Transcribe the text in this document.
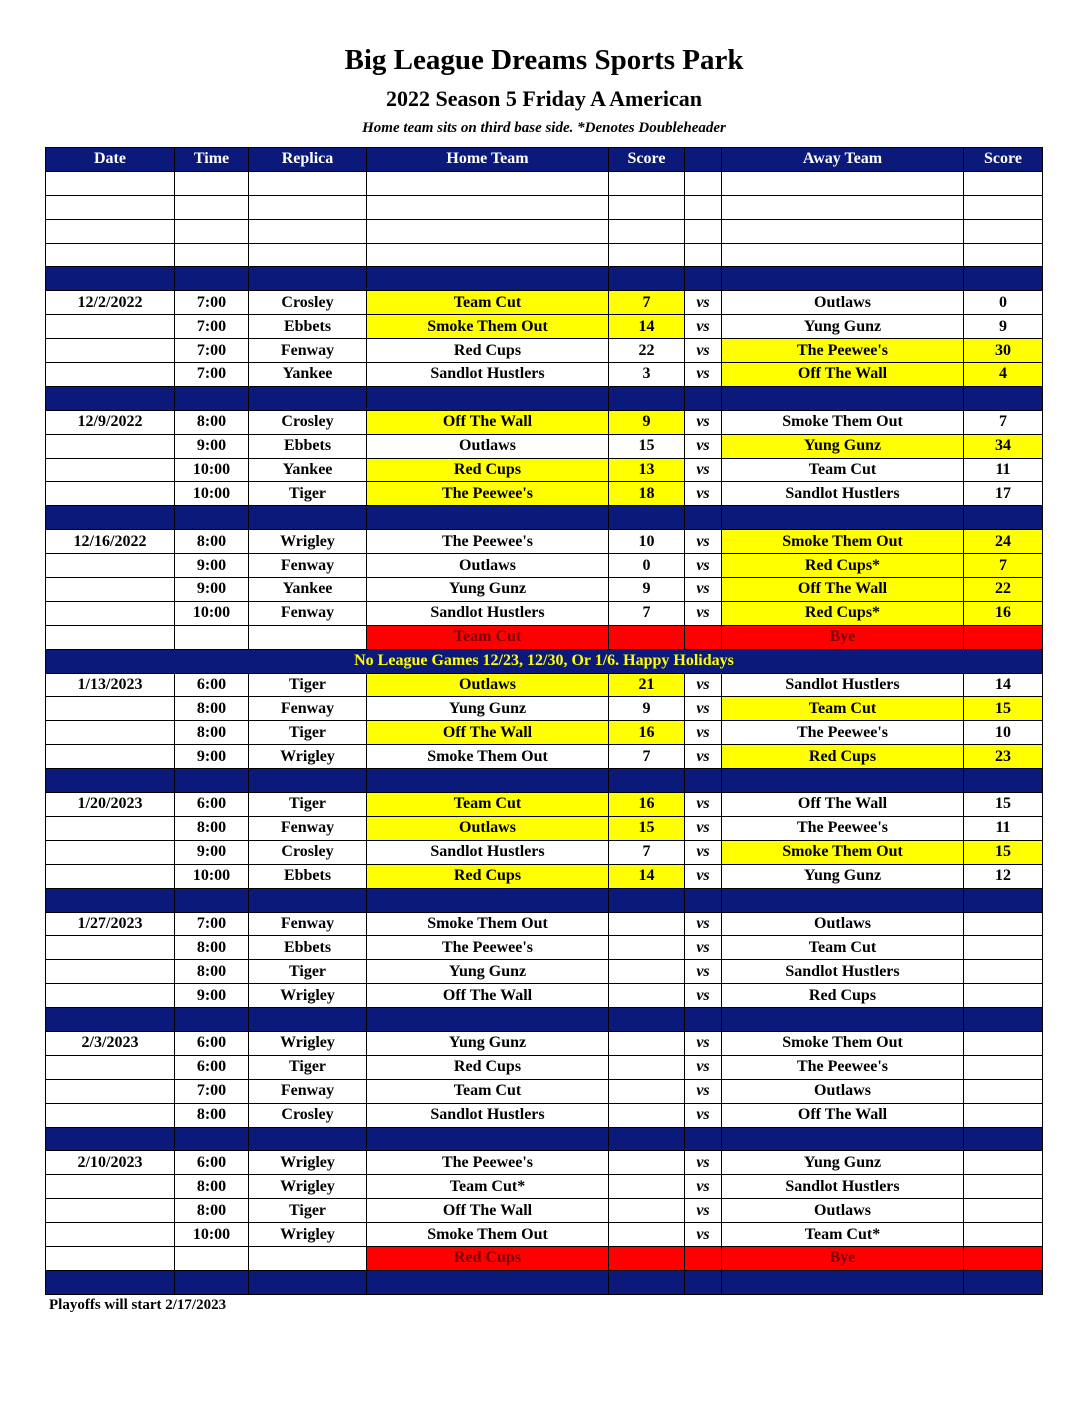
Big League Dreams Sports Park
2022 Season 5 Friday A American
Home team sits on third base side. *Denotes Doubleheader
Date	Time	Replica	Home Team	Score		Away Team	Score

12/2/2022	7:00	Crosley	Team Cut	7	vs	Outlaws	0
	7:00	Ebbets	Smoke Them Out	14	vs	Yung Gunz	9
	7:00	Fenway	Red Cups	22	vs	The Peewee's	30
	7:00	Yankee	Sandlot Hustlers	3	vs	Off The Wall	4

12/9/2022	8:00	Crosley	Off The Wall	9	vs	Smoke Them Out	7
	9:00	Ebbets	Outlaws	15	vs	Yung Gunz	34
	10:00	Yankee	Red Cups	13	vs	Team Cut	11
	10:00	Tiger	The Peewee's	18	vs	Sandlot Hustlers	17

12/16/2022	8:00	Wrigley	The Peewee's	10	vs	Smoke Them Out	24
	9:00	Fenway	Outlaws	0	vs	Red Cups*	7
	9:00	Yankee	Yung Gunz	9	vs	Off The Wall	22
	10:00	Fenway	Sandlot Hustlers	7	vs	Red Cups*	16
			Team Cut			Bye	
No League Games 12/23, 12/30, Or 1/6. Happy Holidays							
1/13/2023	6:00	Tiger	Outlaws	21	vs	Sandlot Hustlers	14
	8:00	Fenway	Yung Gunz	9	vs	Team Cut	15
	8:00	Tiger	Off The Wall	16	vs	The Peewee's	10
	9:00	Wrigley	Smoke Them Out	7	vs	Red Cups	23

1/20/2023	6:00	Tiger	Team Cut	16	vs	Off The Wall	15
	8:00	Fenway	Outlaws	15	vs	The Peewee's	11
	9:00	Crosley	Sandlot Hustlers	7	vs	Smoke Them Out	15
	10:00	Ebbets	Red Cups	14	vs	Yung Gunz	12

1/27/2023	7:00	Fenway	Smoke Them Out		vs	Outlaws	
	8:00	Ebbets	The Peewee's		vs	Team Cut	
	8:00	Tiger	Yung Gunz		vs	Sandlot Hustlers	
	9:00	Wrigley	Off The Wall		vs	Red Cups	

2/3/2023	6:00	Wrigley	Yung Gunz		vs	Smoke Them Out	
	6:00	Tiger	Red Cups		vs	The Peewee's	
	7:00	Fenway	Team Cut		vs	Outlaws	
	8:00	Crosley	Sandlot Hustlers		vs	Off The Wall	

2/10/2023	6:00	Wrigley	The Peewee's		vs	Yung Gunz	
	8:00	Wrigley	Team Cut*		vs	Sandlot Hustlers	
	8:00	Tiger	Off The Wall		vs	Outlaws	
	10:00	Wrigley	Smoke Them Out		vs	Team Cut*	
			Red Cups			Bye	

Playoffs will start 2/17/2023
